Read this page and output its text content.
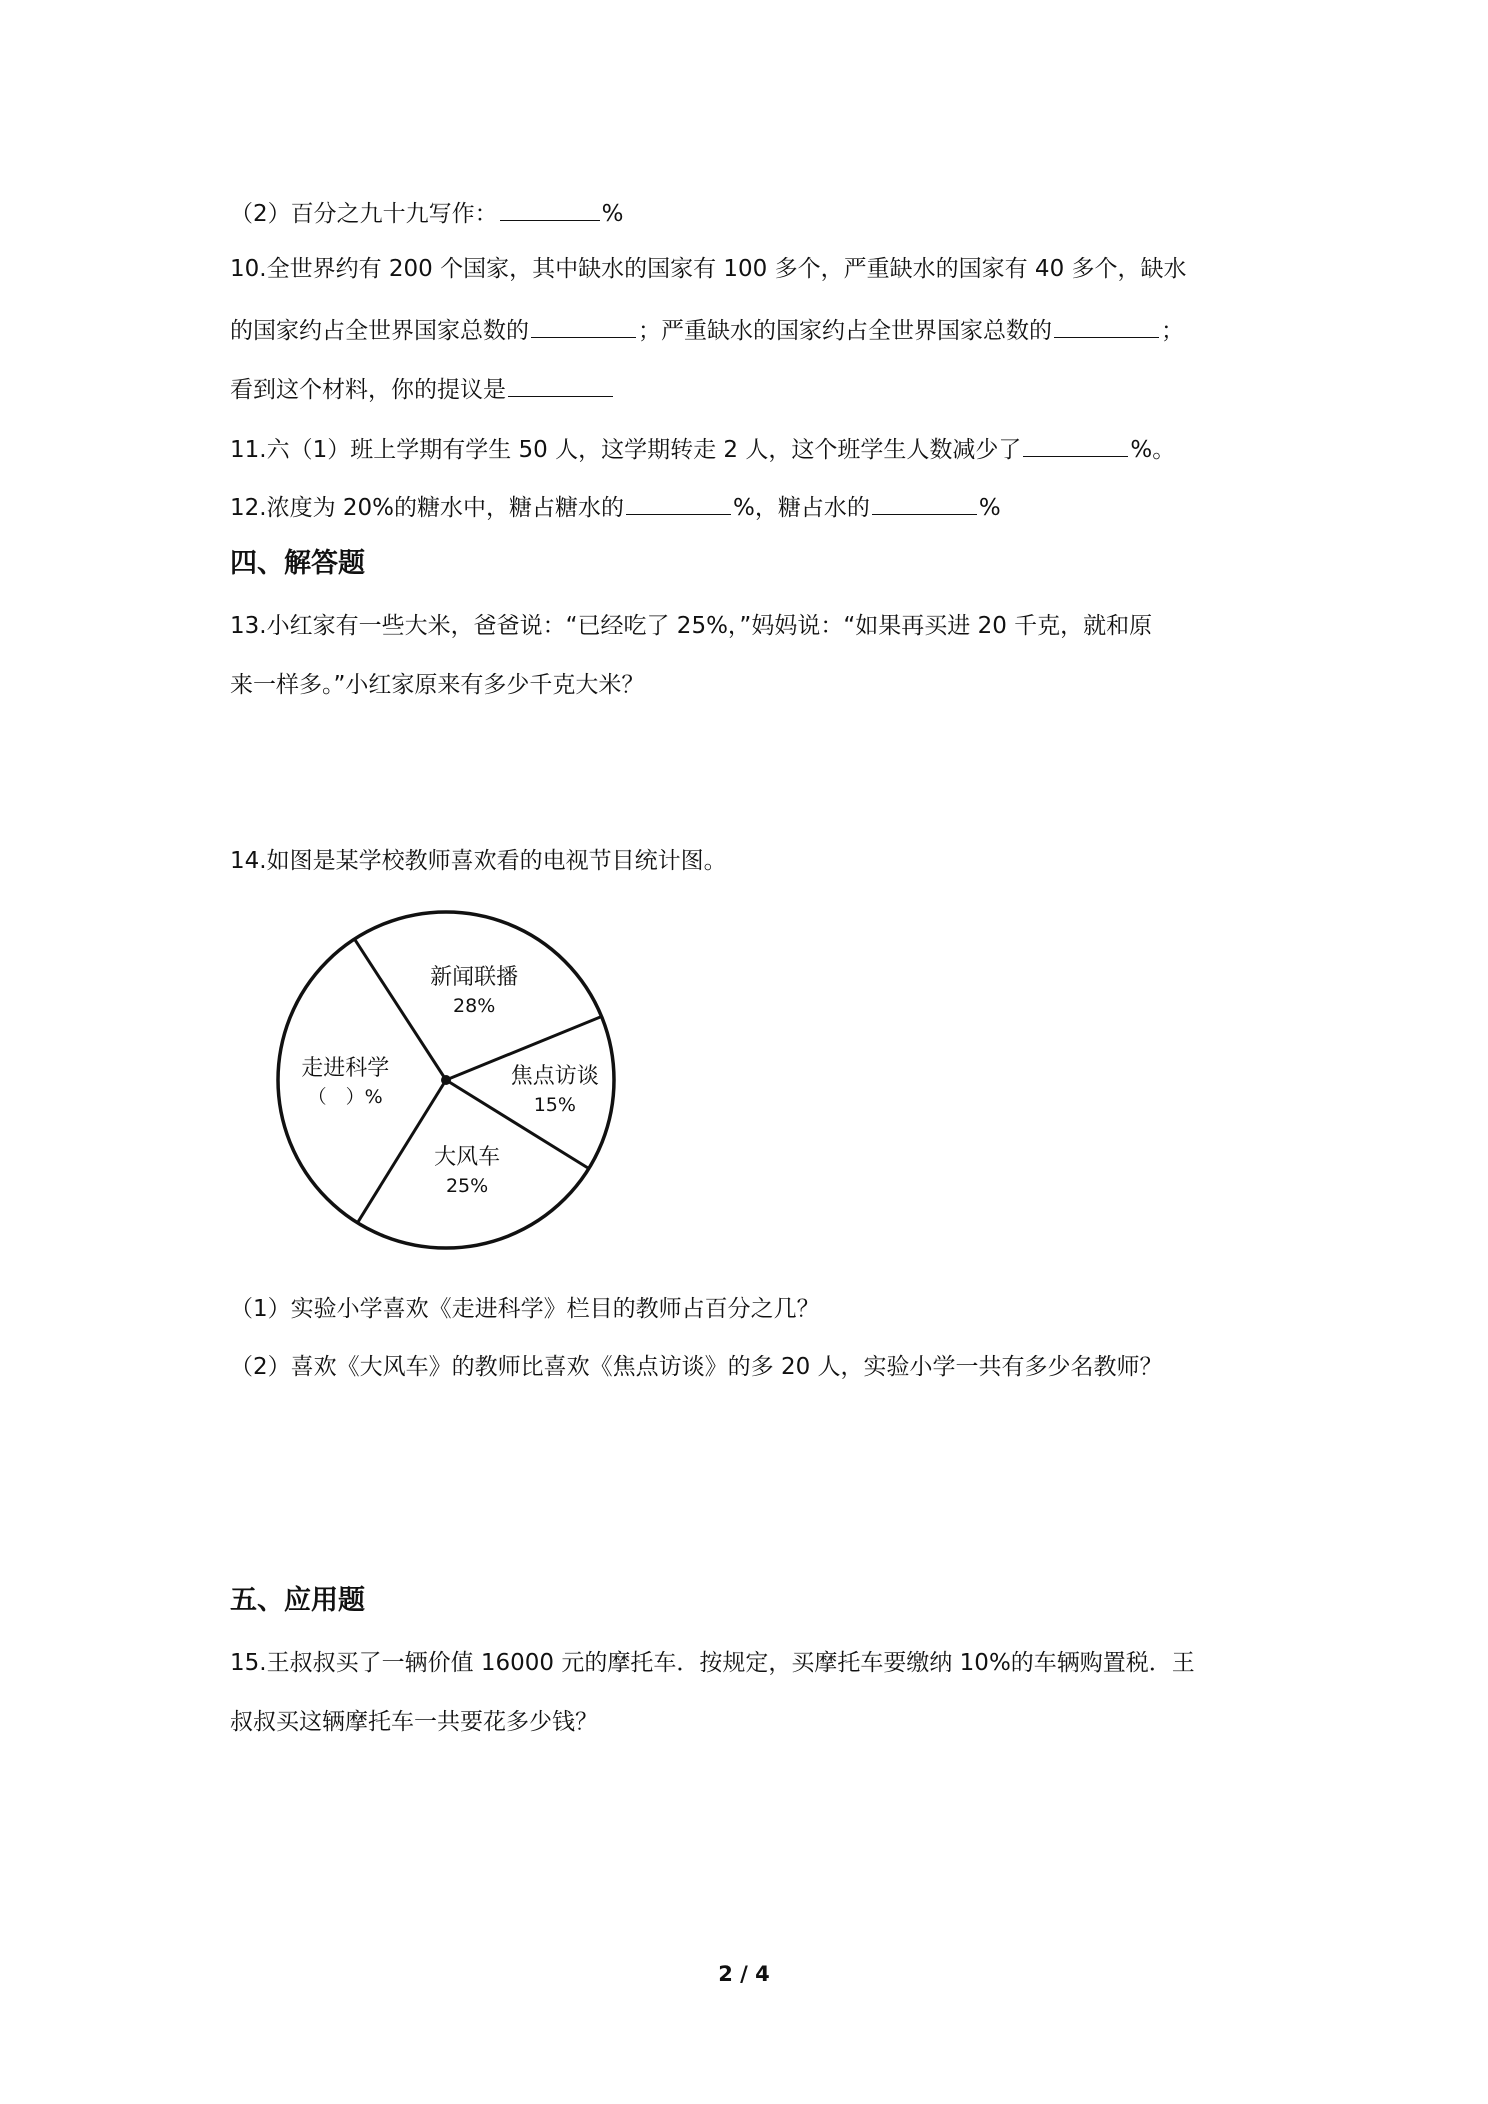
（2）百分之九十九写作：	%
10.全世界约有 200 个国家，其中缺水的国家有 100 多个，严重缺水的国家有 40 多个，缺水
的国家约占全世界国家总数的	；严重缺水的国家约占全世界国家总数的	；
看到这个材料，你的提议是
11.六（1）班上学期有学生 50 人，这学期转走 2 人，这个班学生人数减少了	%。
12.浓度为 20%的糖水中，糖占糖水的	%，糖占水的	%
四、解答题
13.小红家有一些大米，爸爸说：“已经吃了 25%，”妈妈说：“如果再买进 20 千克，就和原
来一样多。”小红家原来有多少千克大米？
14.如图是某学校教师喜欢看的电视节目统计图。
新闻联播
28%
焦点访谈
15%
大风车
25%
走进科学
（　）%
（1）实验小学喜欢《走进科学》栏目的教师占百分之几？
（2）喜欢《大风车》的教师比喜欢《焦点访谈》的多 20 人，实验小学一共有多少名教师？
五、应用题
15.王叔叔买了一辆价值 16000 元的摩托车．按规定，买摩托车要缴纳 10%的车辆购置税．王
叔叔买这辆摩托车一共要花多少钱？
2 / 4
